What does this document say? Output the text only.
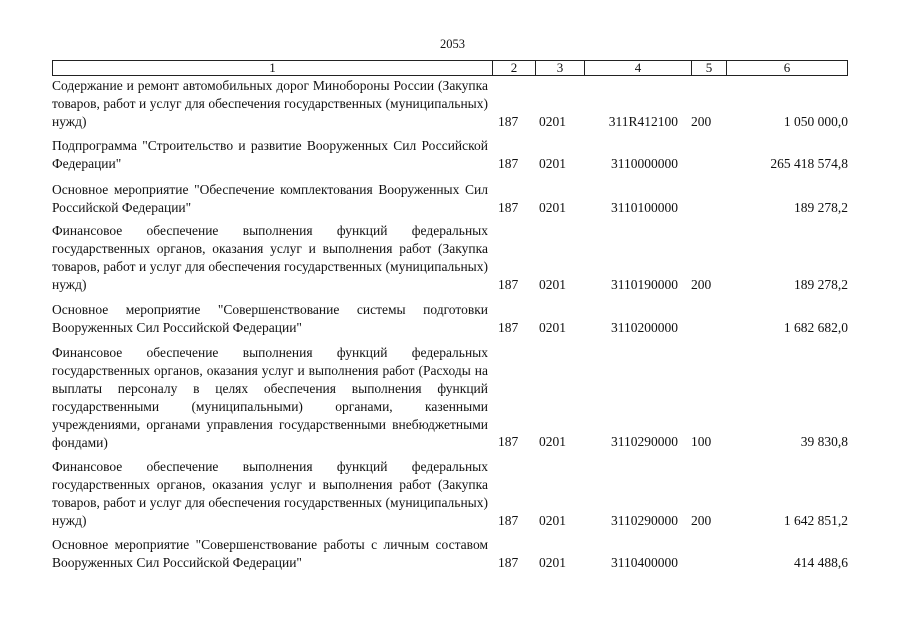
2053
1	2	3	4	5	6
Содержание и ремонт автомобильных дорог Минобороны России (Закупка товаров, работ и услуг для обеспечения государственных (муниципальных) нужд)	187 0201	311R412100 200	1 050 000,0
Подпрограмма "Строительство и развитие Вооруженных Сил Российской Федерации"	187 0201	3110000000	265 418 574,8
Основное мероприятие "Обеспечение комплектования Вооруженных Сил Российской Федерации"	187 0201	3110100000	189 278,2
Финансовое обеспечение выполнения функций федеральных государственных органов, оказания услуг и выполнения работ (Закупка товаров, работ и услуг для обеспечения государственных (муниципальных) нужд)	187 0201	3110190000 200	189 278,2
Основное мероприятие "Совершенствование системы подготовки Вооруженных Сил Российской Федерации"	187 0201	3110200000	1 682 682,0
Финансовое обеспечение выполнения функций федеральных государственных органов, оказания услуг и выполнения работ (Расходы на выплаты персоналу в целях обеспечения выполнения функций государственными (муниципальными) органами, казенными учреждениями, органами управления государственными внебюджетными фондами)	187 0201	3110290000 100	39 830,8
Финансовое обеспечение выполнения функций федеральных государственных органов, оказания услуг и выполнения работ (Закупка товаров, работ и услуг для обеспечения государственных (муниципальных) нужд)	187 0201	3110290000 200	1 642 851,2
Основное мероприятие "Совершенствование работы с личным составом Вооруженных Сил Российской Федерации"	187 0201	3110400000	414 488,6
